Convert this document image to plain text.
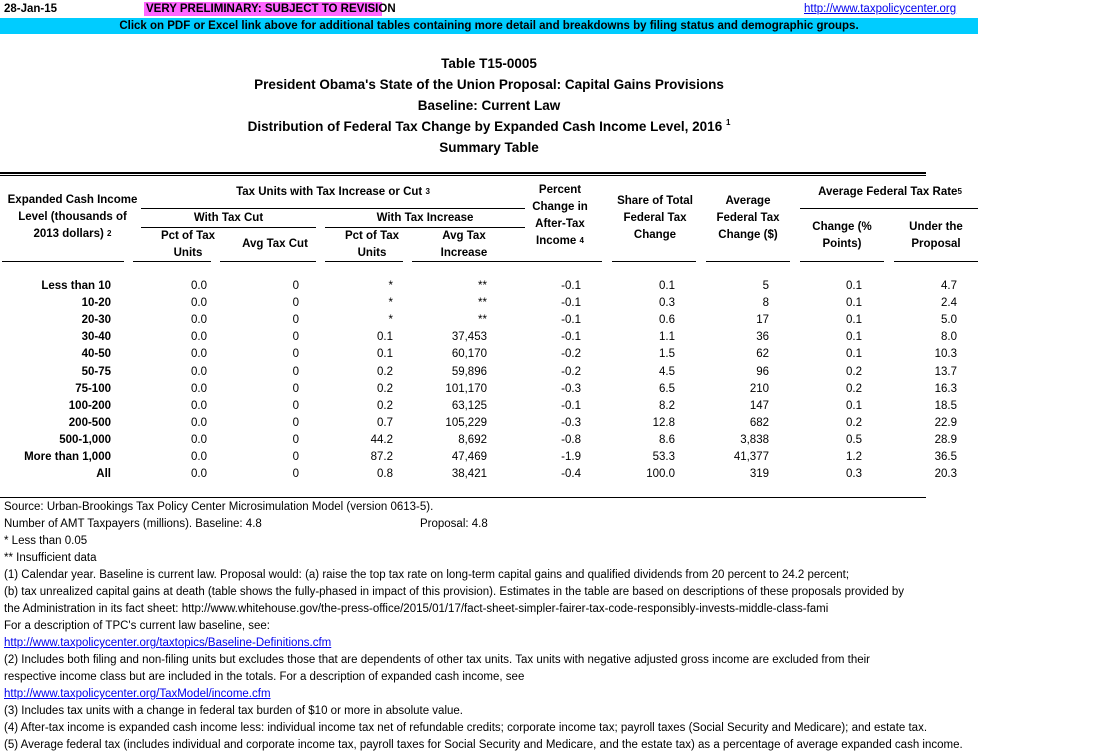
28-Jan-15	VERY PRELIMINARY: SUBJECT TO REVISION	http://www.taxpolicycenter.org
Click on PDF or Excel link above for additional tables containing more detail and breakdowns by filing status and demographic groups.
Table T15-0005
President Obama's State of the Union Proposal: Capital Gains Provisions
Baseline: Current Law
Distribution of Federal Tax Change by Expanded Cash Income Level, 2016 $^1$
Summary Table
Expanded Cash Income
Level (thousands of
2013 dollars) $^2$
Tax Units with Tax Increase or Cut $^3$
With Tax Cut	With Tax Increase
Pct of Tax
Units
Avg Tax Cut
Pct of Tax
Units
Avg Tax
Increase
Percent
Change in
After-Tax
Income $^4$
Share of Total
Federal Tax
Change
Average
Federal Tax
Change ($)
Average Federal Tax Rate$^5$
Change (%
Points)
Under the
Proposal
Less than 10	0.0	0	*	**	-0.1	0.1	5	0.1	4.7
10-20	0.0	0	*	**	-0.1	0.3	8	0.1	2.4
20-30	0.0	0	*	**	-0.1	0.6	17	0.1	5.0
30-40	0.0	0	0.1	37,453	-0.1	1.1	36	0.1	8.0
40-50	0.0	0	0.1	60,170	-0.2	1.5	62	0.1	10.3
50-75	0.0	0	0.2	59,896	-0.2	4.5	96	0.2	13.7
75-100	0.0	0	0.2	101,170	-0.3	6.5	210	0.2	16.3
100-200	0.0	0	0.2	63,125	-0.1	8.2	147	0.1	18.5
200-500	0.0	0	0.7	105,229	-0.3	12.8	682	0.2	22.9
500-1,000	0.0	0	44.2	8,692	-0.8	8.6	3,838	0.5	28.9
More than 1,000	0.0	0	87.2	47,469	-1.9	53.3	41,377	1.2	36.5
All	0.0	0	0.8	38,421	-0.4	100.0	319	0.3	20.3
Source: Urban-Brookings Tax Policy Center Microsimulation Model (version 0613-5).
Number of AMT Taxpayers (millions). Baseline: 4.8	Proposal: 4.8
* Less than 0.05
** Insufficient data
(1) Calendar year. Baseline is current law. Proposal would: (a) raise the top tax rate on long-term capital gains and qualified dividends from 20 percent to 24.2 percent;
(b) tax unrealized capital gains at death (table shows the fully-phased in impact of this provision). Estimates in the table are based on descriptions of these proposals provided by
the Administration in its fact sheet: http://www.whitehouse.gov/the-press-office/2015/01/17/fact-sheet-simpler-fairer-tax-code-responsibly-invests-middle-class-fami
For a description of TPC's current law baseline, see:
http://www.taxpolicycenter.org/taxtopics/Baseline-Definitions.cfm
(2) Includes both filing and non-filing units but excludes those that are dependents of other tax units. Tax units with negative adjusted gross income are excluded from their
respective income class but are included in the totals. For a description of expanded cash income, see
http://www.taxpolicycenter.org/TaxModel/income.cfm
(3) Includes tax units with a change in federal tax burden of $10 or more in absolute value.
(4) After-tax income is expanded cash income less: individual income tax net of refundable credits; corporate income tax; payroll taxes (Social Security and Medicare); and estate tax.
(5) Average federal tax (includes individual and corporate income tax, payroll taxes for Social Security and Medicare, and the estate tax) as a percentage of average expanded cash income.
